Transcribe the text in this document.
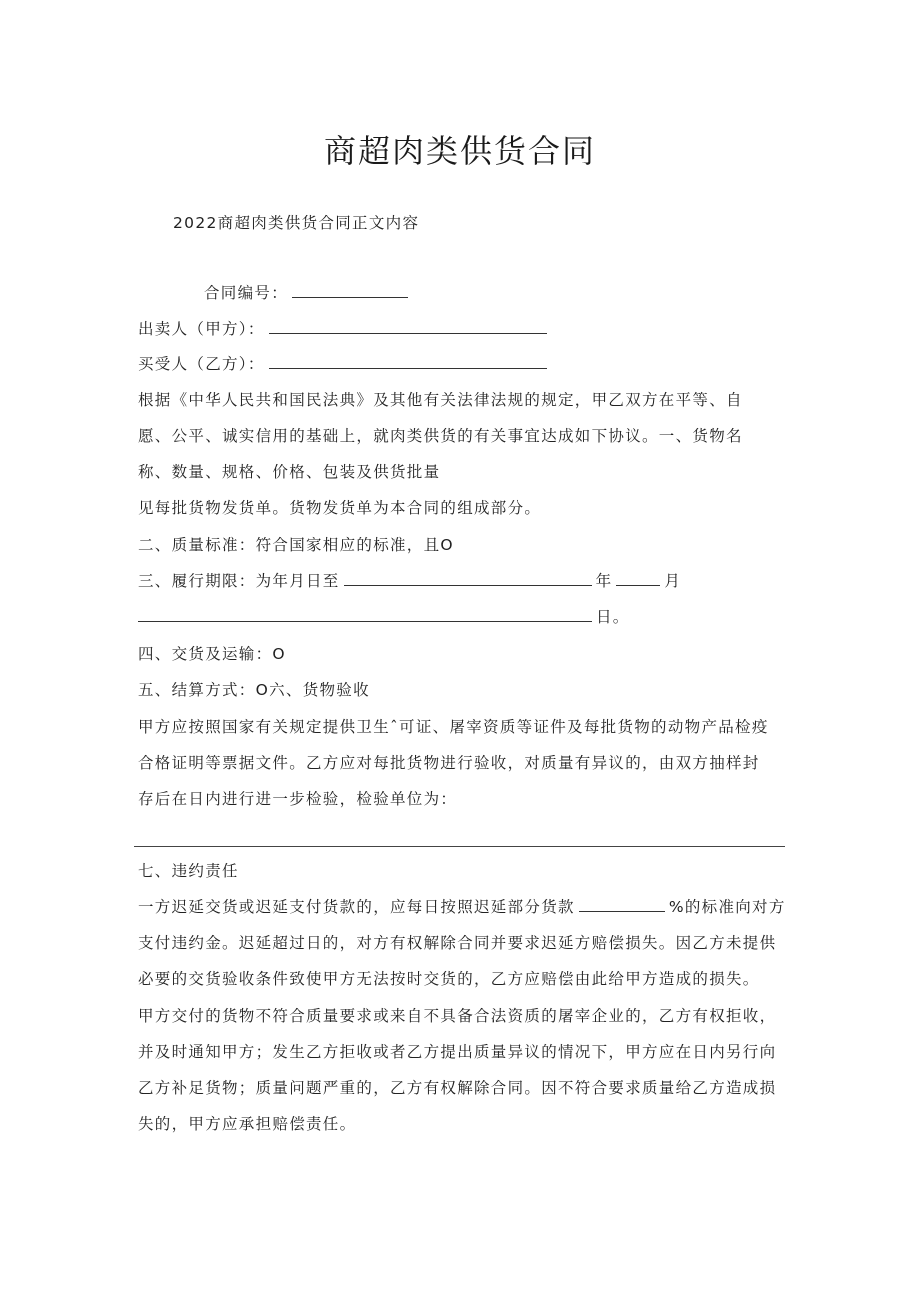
商超肉类供货合同
2022商超肉类供货合同正文内容
合同编号：
出卖人（甲方）：
买受人（乙方）：
根据《中华人民共和国民法典》及其他有关法律法规的规定，甲乙双方在平等、自
愿、公平、诚实信用的基础上，就肉类供货的有关事宜达成如下协议。一、货物名
称、数量、规格、价格、包装及供货批量
见每批货物发货单。货物发货单为本合同的组成部分。
二、质量标准：符合国家相应的标准，且O
三、履行期限：为年月日至	年	月
日。
四、交货及运输：O
五、结算方式：O六、货物验收
甲方应按照国家有关规定提供卫生ˆ可证、屠宰资质等证件及每批货物的动物产品检疫
合格证明等票据文件。乙方应对每批货物进行验收，对质量有异议的，由双方抽样封
存后在日内进行进一步检验，检验单位为：
七、违约责任
一方迟延交货或迟延支付货款的，应每日按照迟延部分货款	%的标准向对方
支付违约金。迟延超过日的，对方有权解除合同并要求迟延方赔偿损失。因乙方未提供
必要的交货验收条件致使甲方无法按时交货的，乙方应赔偿由此给甲方造成的损失。
甲方交付的货物不符合质量要求或来自不具备合法资质的屠宰企业的，乙方有权拒收，
并及时通知甲方；发生乙方拒收或者乙方提出质量异议的情况下，甲方应在日内另行向
乙方补足货物；质量问题严重的，乙方有权解除合同。因不符合要求质量给乙方造成损
失的，甲方应承担赔偿责任。
